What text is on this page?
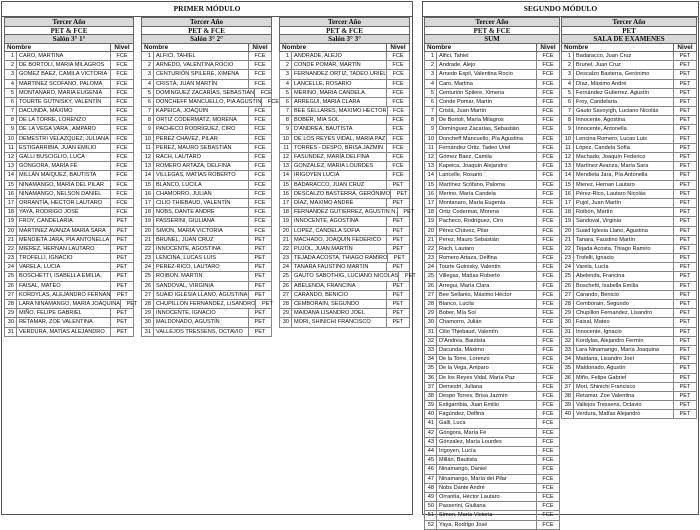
PRIMER MÓDULO
Tercer Año
PET & FCE
Salón 3° 1°
Nombre	Nivel
1 CARO, MARTINA	FCE
2 DE BORTOLI, MARIA MILAGROS	FCE
3 GOMEZ BAEZ, CAMILA VICTORIA	FCE
4 MARTINEZ SCOFANO, PALOMA	FCE
5 MONTANARO, MARIA EUGENIA	FCE
6 TOURTE GUTNISKY, VALENTÍN	FCE
7 DACUNDA, MÁXIMO	FCE
8 DE LA TORRE, LORENZO	FCE
9 DE LA VEGA VARA , AMPARO	FCE
10 DEMESTRI VELAZQUEZ, JULIANA	FCE
11 ESTIGARRIBIA, JUAN EMILIO	FCE
12 GALLI BUSCIGLIO, LUCA	FCE
13 GÓNGORA, MARÍA FÉ	FCE
14 MILLÁN MAIQUEZ, BAUTISTA	FCE
15 NINAMANGO, MARÍA DEL PILAR	FCE
16 NINAMANGO, NELSON DANIEL	FCE
17 ORRANTÍA, HECTOR LAUTARO	FCE
18 YAYA, RODRIGO JOSÉ	FCE
19 FROY, CANDELARIA	PET
20 MARTINEZ AVANZA MARIA SARA	PET
21 MENDIETA JARA, PIA ANTONELLA	PET
22 MIEREZ, HERNAN LAUTARO	PET
23 TROFELLI, IGNACIO	PET
24 VARELA, LUCIA	PET
25 BOSCHETTI, ISABELLA EMILIA,	PET
26 FAISAL, MATEO	PET
27 KORDYLAS, ALEJANDRO FERNAN	PET
28 LARA NINAMANGO, MARIA JOAQUINA	PET
29 MIÑO, FELIPE GABRIEL	PET
30 RETAMAR, ZOE VALENTINA	PET
31 VERDURA, MATÍAS ALEJANDRO	PET
Tercer Año
PET & FCE
Salón 3° 2°
Nombre	Nivel
1 ALFICI, TAHIEL	FCE
2 ARNEDO, VALENTINA ROCIO	FCE
3 CENTURIÓN SPILERE, XIMENA	FCE
4 CRISTÁ, JUAN MARTÍN	FCE
5 DOMINGUEZ ZACARÍAS, SEBASTIÁN	FCE
6 DONCHEFF MANCUELLO, PIA AGUSTIN	FCE
7 KAPEICA, JOAQUIN	FCE
8 ORTIZ CODERMATZ, MORENA	FCE
9 PACHECO RODRÍGUEZ, CIRO	FCE
10 PEREZ CHAVEZ, PILAR	FCE
11 PEREZ, MAURO SEBASTIÁN	FCE
12 RACH, LAUTARO	FCE
13 ROMERO ARTAZA, DELFINA	FCE
14 VILLEGAS, MATIAS ROBERTO	FCE
15 BLANCO, LUCILA	FCE
16 CHAMORRO, JULIAN	FCE
17 CILIO THIEBAUD, VALENTÍN	FCE
18 NOBS, DANTE ANDRE	FCE
19 PASSERINI, GIULIANA	FCE
20 SIMON, MARIA VICTORIA	FCE
21 BRUNEL, JUAN CRUZ	PET
22 INNOCENTE, AGOSTINA	PET
23 LENCINA, LUCAS LUIS	PET
24 PEREZ-RICO, LAUTARO	PET
25 ROIBON, MARTIN	PET
26 SANDOVAL, VIRGINIA	PET
27 SUAID IGLESIA LLANO, AGUSTINA	PET
28 CHUPILLON FERNANDEZ, LISANDRO	PET
29 INNOCENTE, IGNACIO	PET
30 MALDONADO, AGUSTÍN	PET
31 VALLEJOS TRESSENS, OCTAVIO	PET
Tercer Año
PET & FCE
Salón 3° 3°
Nombre	Nivel
1 ANDRADE, ALEJO	FCE
2 CONDE POMAR, MARTÍN	FCE
3 FERNANDEZ ORTIZ, TADEO URIEL	FCE
4 LANCELLE, ROSARIO	FCE
5 MERINO, MARIA CANDELA	FCE
6 ARREGUI, MARIA CLARA	FCE
7 BEE SELLARES, MAXIMO HECTOR	FCE
8 BOBER, MIA SOL	FCE
9 D'ANDREA, BAUTISTA	FCE
10 DE LOS REYES VIDAL, MARIA PAZ	FCE
11 TORRES - DESPO, BRISA JAZMIN	FCE
12 FASUNDEZ, MARÍA DELFINA	FCE
13 GONZALEZ, MARIA LOURDES	FCE
14 IRIGOYEN LUCIA	FCE
15 BADARACCO, JUAN CRUZ	PET
16 DESCALZO BASTERRA, GERÓNIMO	PET
17 DÍAZ, MAXIMO ANDRÉ	PET
18 FERNANDEZ GUTIERREZ, AGUSTIN N.	PET
19 INNOCENTE, AGOSTINA	PET
20 LOPEZ, CANDELA SOFIA	PET
21 MACHADO, JOAQUIN FEDERICO	PET
22 PUJOL, JUAN MARTÍN	PET
23 TEJADA ACOSTA, THIAGO RAMIRO	PET
24 TANARA FAUSTINO MARTIN	PET
25 GAUTO SABOTHIG, LUCIANO NICOLAS	PET
26 ABELENDA, FRANCINA	PET
27 CARANDO, BENICIO	PET
28 CEMBORAIN, SEGUNDO	PET
29 MAIDANA LISANDRO JOEL	PET
30 MORI, SHINICHI FRANCISCO	PET
SEGUNDO MÓDULO
Tercer Año
PET & FCE
SUM
Nombre	Nivel
1 Alfici, Tahiel	FCE
2 Andrade, Alejo	FCE
3 Arnedo Espil, Valentina Rocío	FCE
4 Caro, Martina	FCE
5 Centurión Spilere, Ximena	FCE
6 Conde Pomar, Martín	FCE
7 Cristá, Juan Martín	FCE
8 De Bortoli, María Milagros	FCE
9 Domínguez Zacarías, Sebastián	FCE
10 Doncheff Mancuello, Pía Agustina	FCE
11 Fernández Ortiz, Tadeo Uriel	FCE
12 Gómez Baez, Camila	FCE
13 Kapeica, Joaquín Alejandro	FCE
14 Lancelle, Rosario	FCE
15 Martínez Scófano, Paloma	FCE
16 Merino, María Candela	FCE
17 Montanaro, María Eugenia	FCE
18 Ortiz Codermat, Morena	FCE
19 Pacheco, Rodríguez, Ciro	FCE
20 Pérez Chávez, Pilar	FCE
21 Perez, Mauro Sebastián	FCE
22 Rach, Lautaro	FCE
23 Romero Artaza, Delfina	FCE
24 Tourte Gutnisky, Valentín	FCE
25 Villegas, Matías Roberto	FCE
26 Arregui, María Clara	FCE
27 Bee Sellarés, Máximo Héctor	FCE
28 Blanco, Lucila	FCE
29 Bober, Mía Sol	FCE
30 Chamorro, Julián	FCE
31 Cilio Thiebaud, Valentín	FCE
32 D'Andrea, Bautista	FCE
33 Dacunda, Máximo	FCE
34 De la Torre, Lorenzo	FCE
35 De la Vega, Amparo	FCE
36 De los Reyes Vidal, María Paz	FCE
37 Demestri, Juliana	FCE
38 Despo Torres, Brisa Jazmín	FCE
39 Estigarribia, Juan Emilio	FCE
40 Fagúndez, Delfina	FCE
41 Galli, Luca	FCE
42 Góngora, María Fé	FCE
43 Gónzalez, María Lourdes	FCE
44 Irigoyen, Lucía	FCE
45 Millán, Bautista	FCE
46 Ninamango, Daniel	FCE
47 Ninamango, María del Pilar	FCE
48 Nobs Dante André	FCE
49 Orrantía, Héctor Lautaro	FCE
50 Passerini, Giuliana	FCE
51 Simon, María Victoria	FCE
52 Yaya, Rodrigo José	FCE
Tercer Año
PET
SALA DE EXAMENES
Nombre	Nivel
1 Badaracco, Juan Cruz	PET
2 Brunel, Juan Cruz	PET
3 Descalzo Basterra, Gerónimo	PET
4 Díaz, Máximo André	PET
5 Fernández Gutierrez, Agustín	PET
6 Froy, Candelaria	PET
7 Gauto Savoyigh, Luciano Nicolás	PET
8 Innocente, Agostina	PET
9 Innocente, Antonella	PET
10 Lencina Romero, Lucas Luis	PET
11 López, Candela Sofía	PET
12 Machado, Joaquín Federico	PET
13 Martínez Avanza, María Sara	PET
14 Mendieta Jara, Pía Antonella	PET
15 Mierez, Hernan Lautaro	PET
16 Pérez-Rico, Lautaro Nicolás	PET
17 Pujol, Juan Martín	PET
18 Roibón, Martín	PET
19 Sandoval, Virginia	PET
20 Suaid Iglesia Llano, Agustina	PET
21 Tanara, Faustino Martín	PET
22 Tejada Acosta, Thiago Ramiro	PET
23 Trofelli, Ignacio	PET
24 Varela, Lucía	PET
25 Abelenda, Francina	PET
26 Boschetti, Isabella Emilia	PET
27 Carando, Benicio	PET
28 Cemborain, Segundo	PET
29 Chupillon Fernandez, Lisandro	PET
30 Faisal, Mateo	PET
31 Innocente, Ignacio	PET
32 Kordylas, Alejandro Fermín	PET
33 Lara Ninamango, María Joaquina	PET
34 Maidana, Lisandro Joel	PET
35 Maldonado, Agustín	PET
36 Miño, Felipe Gabriel	PET
37 Mori, Shinichi Francisco	PET
38 Retamar, Zoe Valentina	PET
39 Vallejos Tressens, Octavio	PET
40 Verdura, Matías Alejandro	PET
